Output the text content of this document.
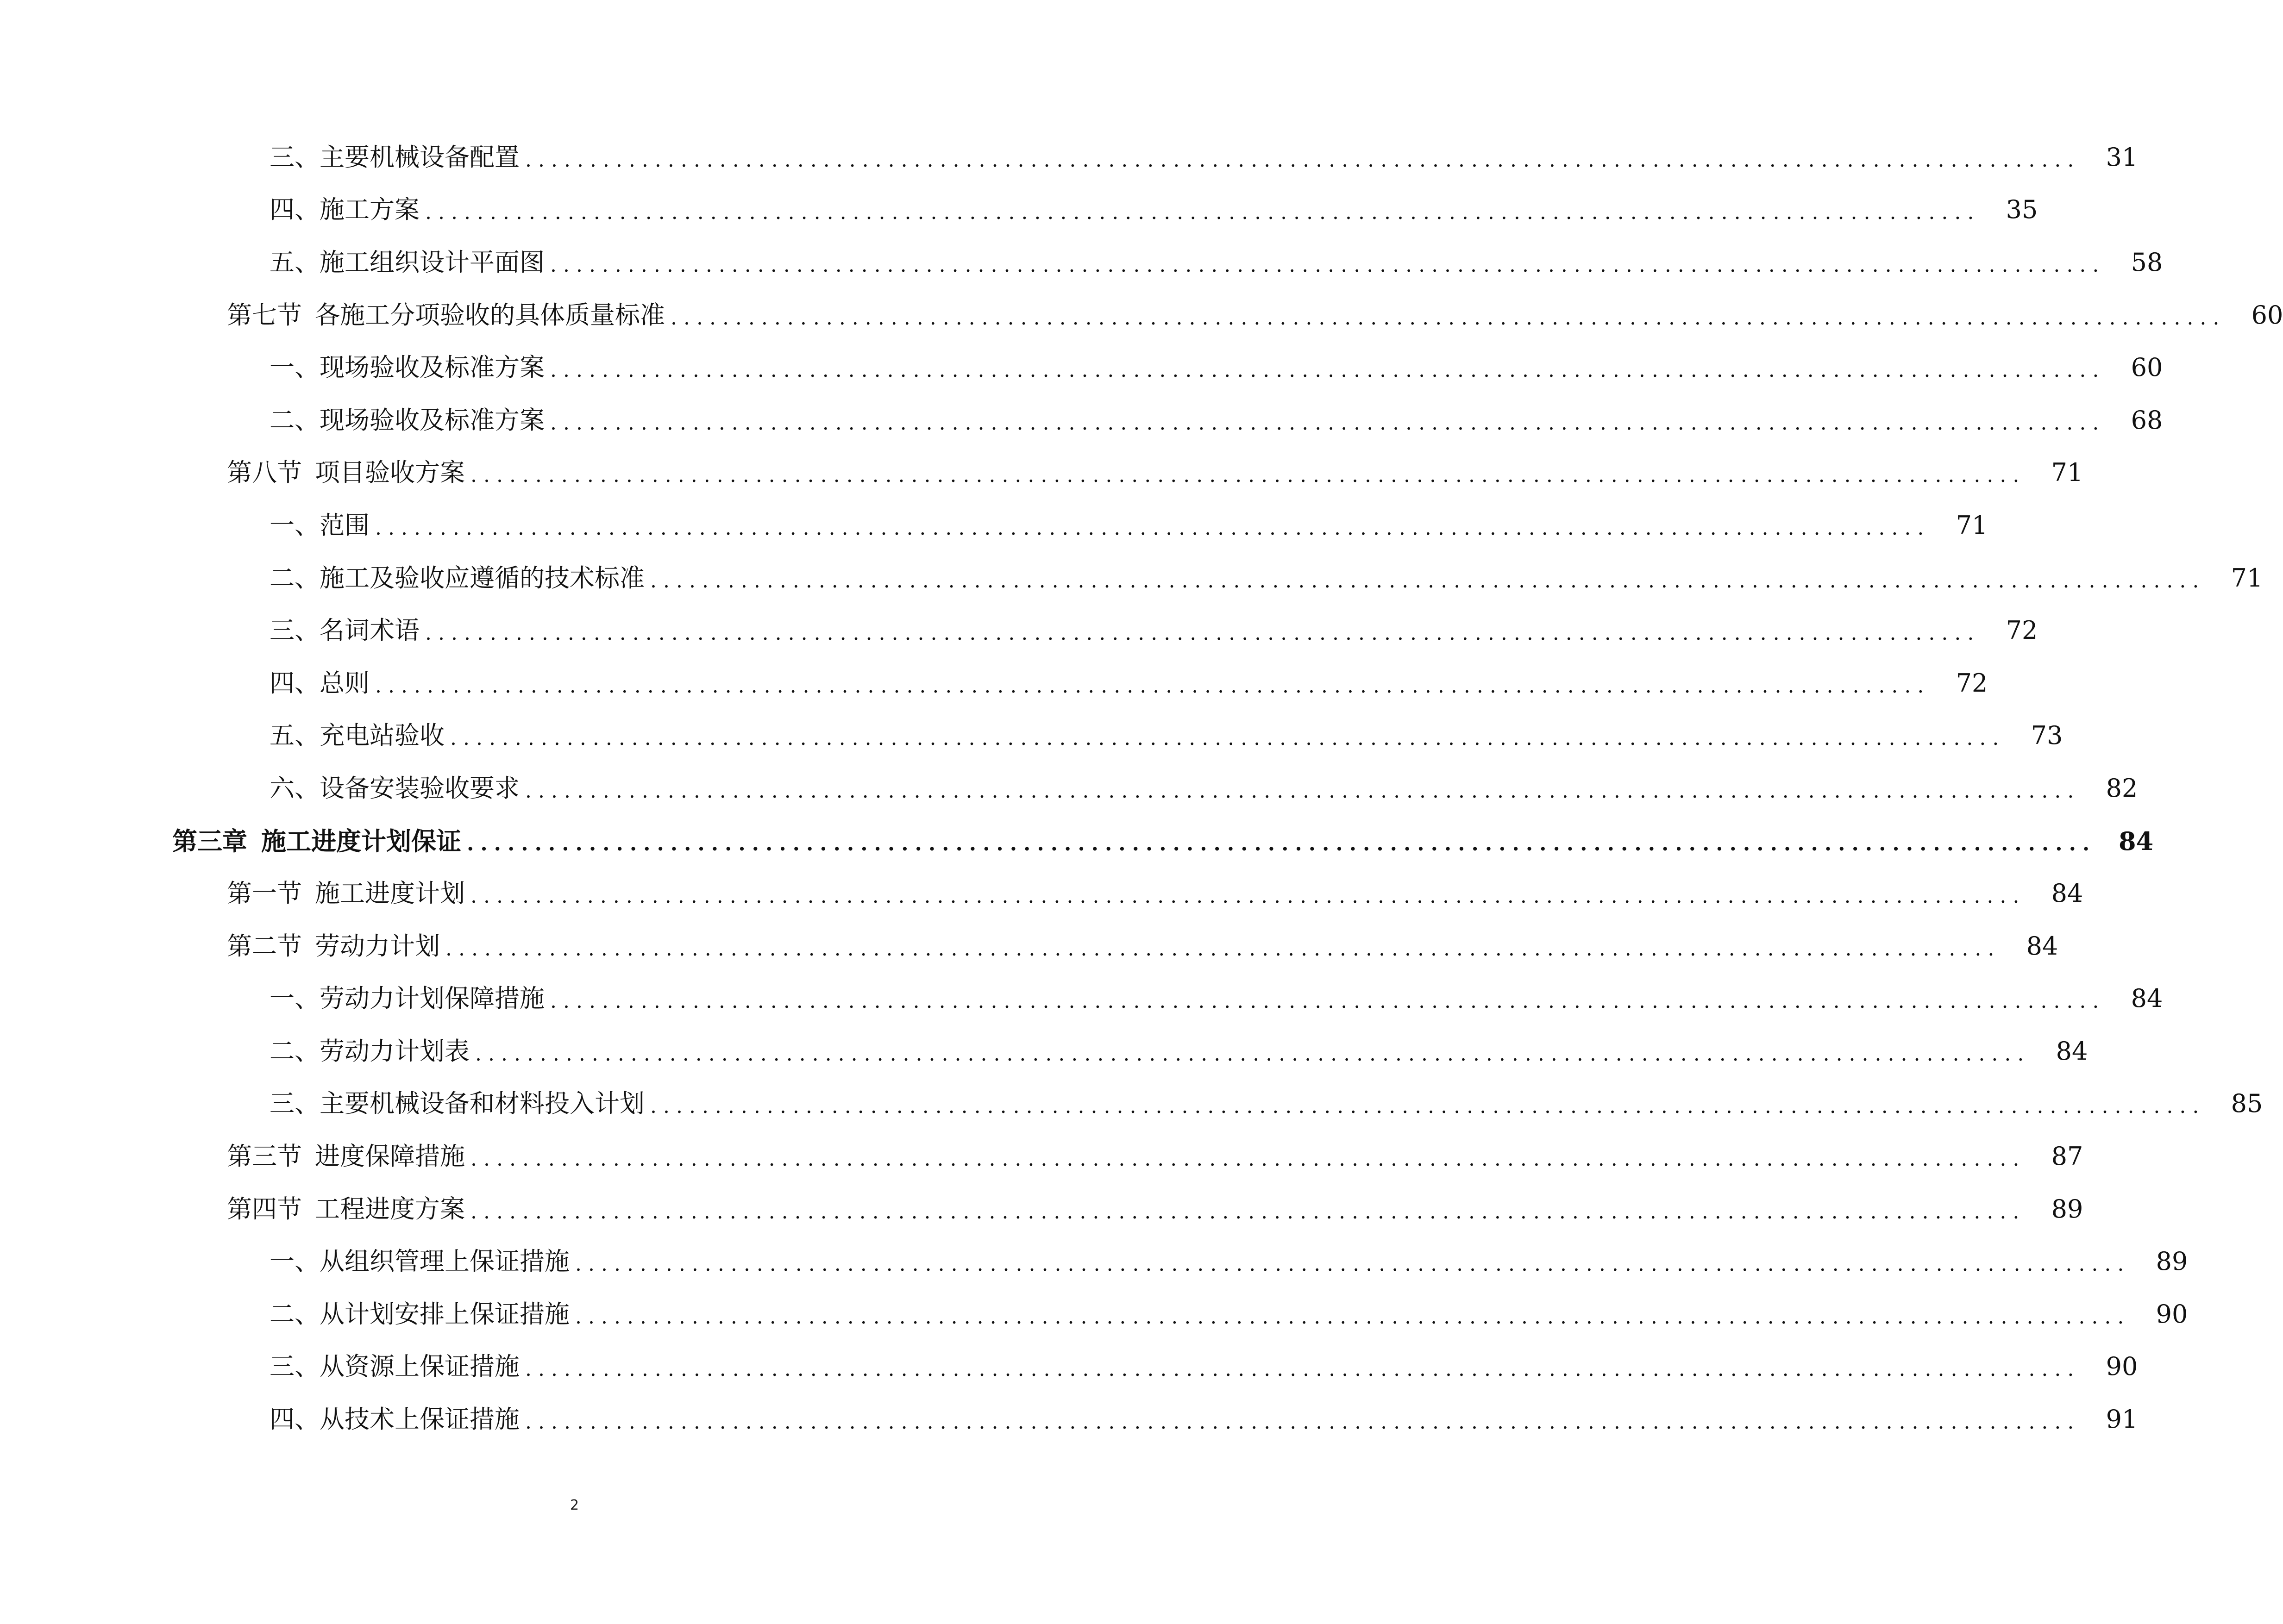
三、 主要机械设备配置 ........................................................................................................................	31
四、 施工方案 ........................................................................................................................	35
五、 施工组织设计平面图 ........................................................................................................................	58
第七节 各施工分项验收的具体质量标准 ........................................................................................................................	60
一、 现场验收及标准方案 ........................................................................................................................	60
二、 现场验收及标准方案 ........................................................................................................................	68
第八节 项目验收方案 ........................................................................................................................	71
一、 范围 ........................................................................................................................	71
二、 施工及验收应遵循的技术标准 ........................................................................................................................	71
三、 名词术语 ........................................................................................................................	72
四、 总则 ........................................................................................................................	72
五、 充电站验收 ........................................................................................................................	73
六、 设备安装验收要求 ........................................................................................................................	82
第三章 施工进度计划保证 ........................................................................................................................ 84
第一节 施工进度计划 ........................................................................................................................	84
第二节 劳动力计划 ........................................................................................................................	84
一、 劳动力计划保障措施 ........................................................................................................................	84
二、 劳动力计划表 ........................................................................................................................	84
三、 主要机械设备和材料投入计划 ........................................................................................................................	85
第三节 进度保障措施 ........................................................................................................................	87
第四节 工程进度方案 ........................................................................................................................	89
一、 从组织管理上保证措施 ........................................................................................................................	89
二、 从计划安排上保证措施 ........................................................................................................................	90
三、 从资源上保证措施 ........................................................................................................................	90
四、 从技术上保证措施 ........................................................................................................................	91
2
